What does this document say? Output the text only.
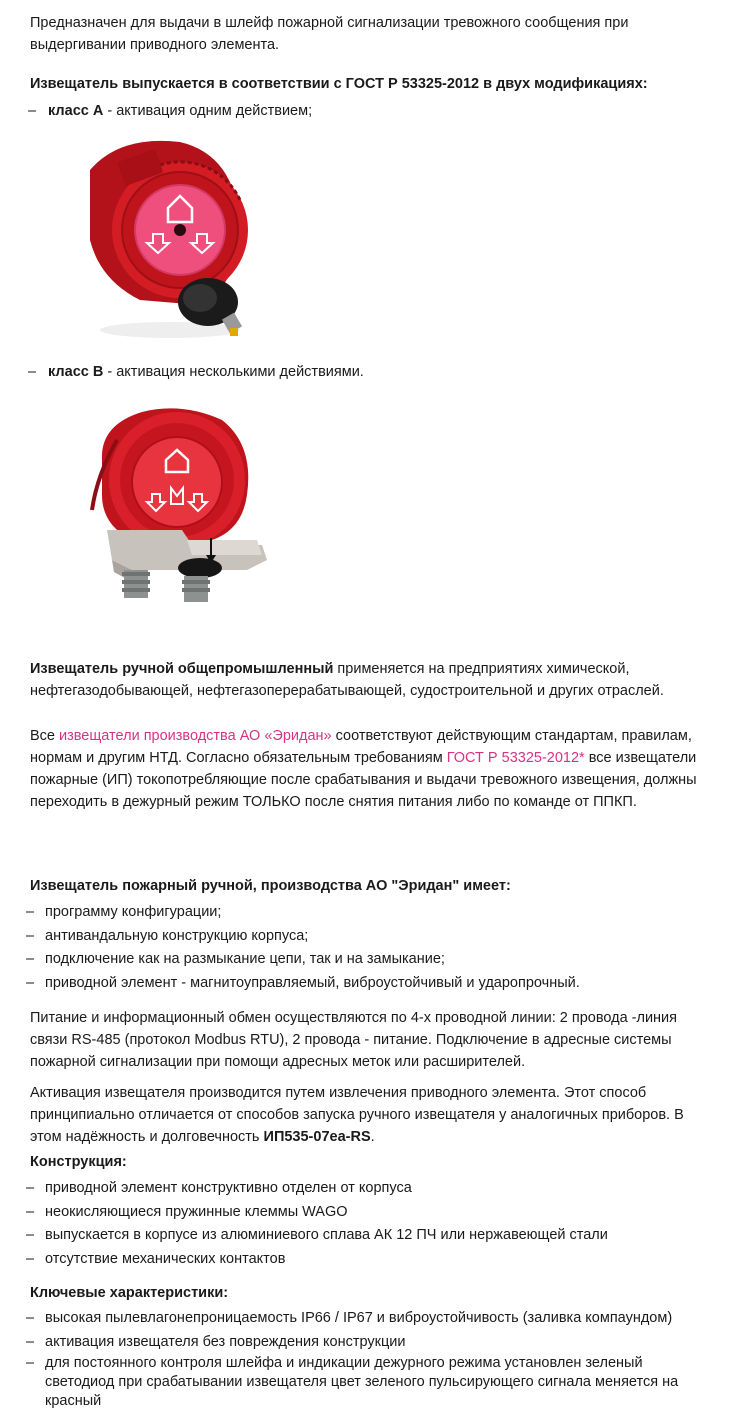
Предназначен для выдачи в шлейф пожарной сигнализации тревожного сообщения при выдергивании приводного элемента.

Извещатель выпускается в соответствии с ГОСТ Р 53325-2012 в двух модификациях:

– класс А - активация одним действием;
– класс В - активация несколькими действиями.

Извещатель ручной общепромышленный применяется на предприятиях химической, нефтегазодобывающей, нефтегазоперерабатывающей, судостроительной и других отраслей.

Все извещатели производства АО «Эридан» соответствуют действующим стандартам, правилам, нормам и другим НТД. Согласно обязательным требованиям ГОСТ Р 53325-2012* все извещатели пожарные (ИП) токопотребляющие после срабатывания и выдачи тревожного извещения, должны переходить в дежурный режим ТОЛЬКО после снятия питания либо по команде от ППКП.

Извещатель пожарный ручной, производства АО "Эридан" имеет:

– программу конфигурации;
– антивандальную конструкцию корпуса;
– подключение как на размыкание цепи, так и на замыкание;
– приводной элемент - магнитоуправляемый, виброустойчивый и ударопрочный.

Питание и информационный обмен осуществляются по 4-х проводной линии: 2 провода -линия связи RS-485 (протокол Modbus RTU), 2 провода - питание. Подключение в адресные системы пожарной сигнализации при помощи адресных меток или расширителей.

Активация извещателя производится путем извлечения приводного элемента. Этот способ принципиально отличается от способов запуска ручного извещателя у аналогичных приборов. В этом надёжность и долговечность ИП535-07еа-RS.

Конструкция:

– приводной элемент конструктивно отделен от корпуса
– неокисляющиеся пружинные клеммы WAGO
– выпускается в корпусе из алюминиевого сплава АК 12 ПЧ или нержавеющей стали
– отсутствие механических контактов

Ключевые характеристики:

– высокая пылевлагонепроницаемость IP66 / IP67 и виброустойчивость (заливка компаундом)
– активация извещателя без повреждения конструкции
– для постоянного контроля шлейфа и индикации дежурного режима установлен зеленый светодиод при срабатывании извещателя цвет зеленого пульсирующего сигнала меняется на красный
